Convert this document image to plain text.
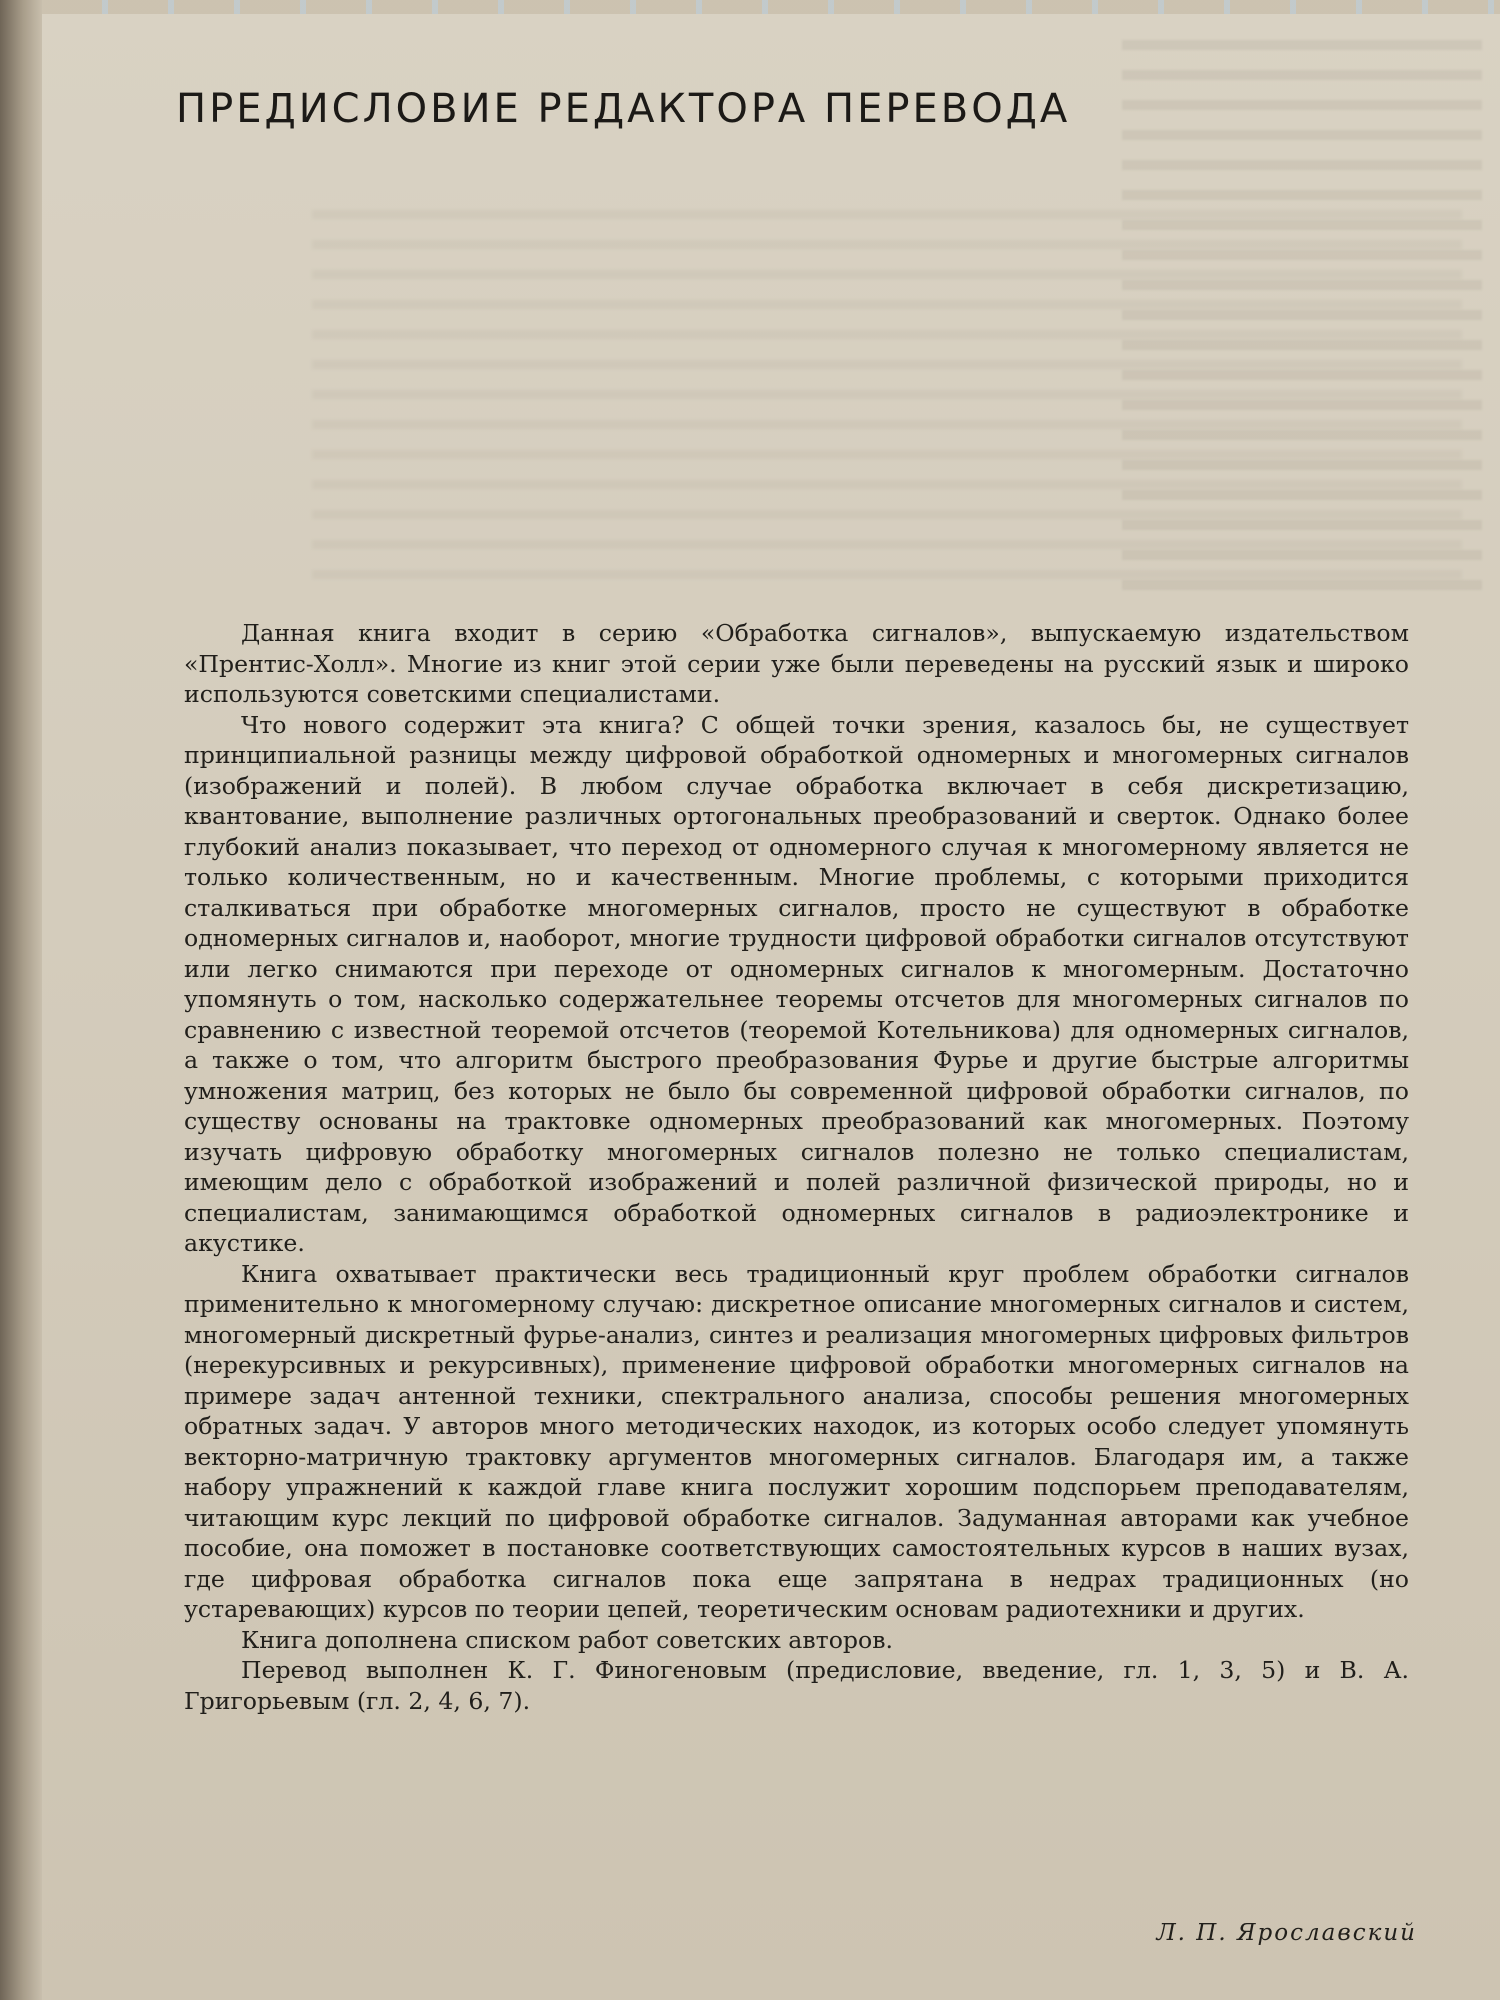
ПРЕДИСЛОВИЕ РЕДАКТОРА ПЕРЕВОДА

Данная книга входит в серию «Обработка сигналов», выпускаемую издательством «Прентис-Холл». Многие из книг этой серии уже были переведены на русский язык и широко используются советскими специалистами.

Что нового содержит эта книга? С общей точки зрения, казалось бы, не существует принципиальной разницы между цифровой обработкой одномерных и многомерных сигналов (изображений и полей). В любом случае обработка включает в себя дискретизацию, квантование, выполнение различных ортогональных преобразований и сверток. Однако более глубокий анализ показывает, что переход от одномерного случая к многомерному является не только количественным, но и качественным. Многие проблемы, с которыми приходится сталкиваться при обработке многомерных сигналов, просто не существуют в обработке одномерных сигналов и, наоборот, многие трудности цифровой обработки сигналов отсутствуют или легко снимаются при переходе от одномерных сигналов к многомерным. Достаточно упомянуть о том, насколько содержательнее теоремы отсчетов для многомерных сигналов по сравнению с известной теоремой отсчетов (теоремой Котельникова) для одномерных сигналов, а также о том, что алгоритм быстрого преобразования Фурье и другие быстрые алгоритмы умножения матриц, без которых не было бы современной цифровой обработки сигналов, по существу основаны на трактовке одномерных преобразований как многомерных. Поэтому изучать цифровую обработку многомерных сигналов полезно не только специалистам, имеющим дело с обработкой изображений и полей различной физической природы, но и специалистам, занимающимся обработкой одномерных сигналов в радиоэлектронике и акустике.

Книга охватывает практически весь традиционный круг проблем обработки сигналов применительно к многомерному случаю: дискретное описание многомерных сигналов и систем, многомерный дискретный фурье-анализ, синтез и реализация многомерных цифровых фильтров (нерекурсивных и рекурсивных), применение цифровой обработки многомерных сигналов на примере задач антенной техники, спектрального анализа, способы решения многомерных обратных задач. У авторов много методических находок, из которых особо следует упомянуть векторно-матричную трактовку аргументов многомерных сигналов. Благодаря им, а также набору упражнений к каждой главе книга послужит хорошим подспорьем преподавателям, читающим курс лекций по цифровой обработке сигналов. Задуманная авторами как учебное пособие, она поможет в постановке соответствующих самостоятельных курсов в наших вузах, где цифровая обработка сигналов пока еще запрятана в недрах традиционных (но устаревающих) курсов по теории цепей, теоретическим основам радиотехники и других.

Книга дополнена списком работ советских авторов.

Перевод выполнен К. Г. Финогеновым (предисловие, введение, гл. 1, 3, 5) и В. А. Григорьевым (гл. 2, 4, 6, 7).

Л. П. Ярославский
